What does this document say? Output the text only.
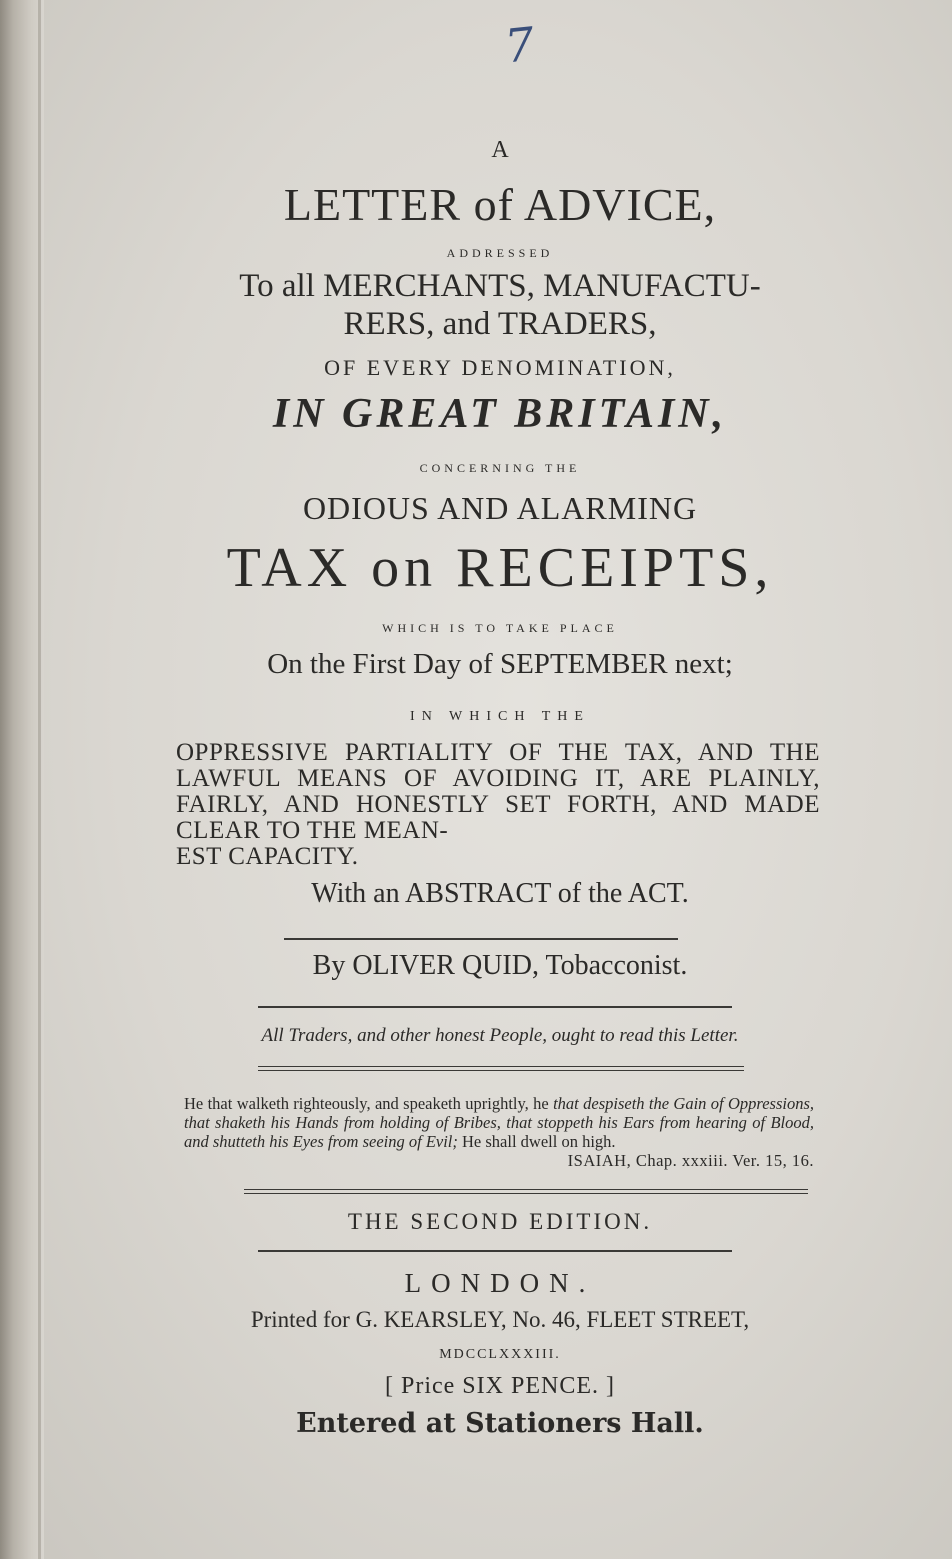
7
A
LETTER of ADVICE,
ADDRESSED
To all MERCHANTS, MANUFACTU-
RERS, and TRADERS,
OF EVERY DENOMINATION,
IN GREAT BRITAIN,
CONCERNING THE
ODIOUS AND ALARMING
TAX on RECEIPTS,
WHICH IS TO TAKE PLACE
On the First Day of SEPTEMBER next;
IN WHICH THE
OPPRESSIVE PARTIALITY OF THE TAX, AND THE LAWFUL MEANS OF AVOIDING IT, ARE PLAINLY, FAIRLY, AND HONESTLY SET FORTH, AND MADE CLEAR TO THE MEAN-
EST CAPACITY.
With an ABSTRACT of the ACT.
By OLIVER QUID, Tobacconist.
All Traders, and other honest People, ought to read this Letter.
He that walketh righteously, and speaketh uprightly, he that despiseth the Gain of Oppressions, that shaketh his Hands from holding of Bribes, that stoppeth his Ears from hearing of Blood, and shutteth his Eyes from seeing of Evil; He shall dwell on high.
ISAIAH, Chap. xxxiii. Ver. 15, 16.
THE SECOND EDITION.
LONDON.
Printed for G. KEARSLEY, No. 46, FLEET STREET,
MDCCLXXXIII.
[ Price SIX PENCE. ]
Entered at Stationers Hall.
